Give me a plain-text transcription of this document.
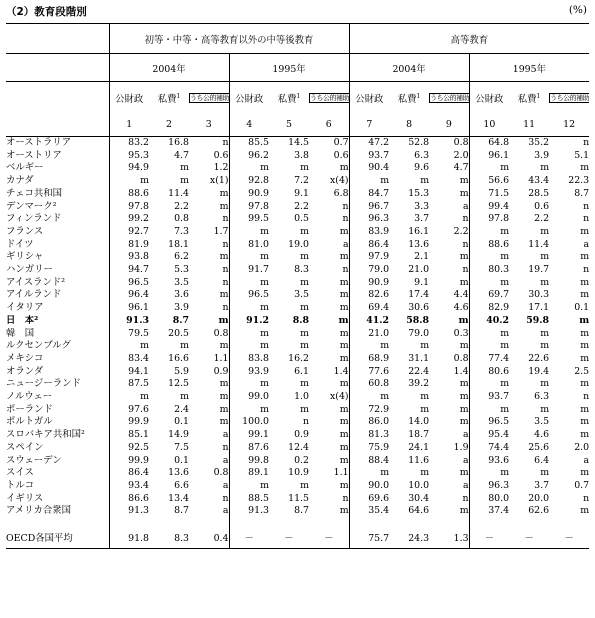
（2）教育段階別	(%)
	初等・中等・高等教育以外の中等後教育						高等教育					
	2004年			1995年			2004年			1995年		
	公財政	私費$^1$	うち公的補助	公財政	私費$^1$	うち公的補助	公財政	私費$^1$	うち公的補助	公財政	私費$^1$	うち公的補助
	1	2	3	4	5	6	7	8	9	10	11	12
オーストラリア	83.2	16.8	n	85.5	14.5	0.7	47.2	52.8	0.8	64.8	35.2	n
オーストリア	95.3	4.7	0.6	96.2	3.8	0.6	93.7	6.3	2.0	96.1	3.9	5.1
ベルギー	94.9	m	1.2	m	m	m	90.4	9.6	4.7	m	m	m
カナダ	m	m	x(1)	92.8	7.2	x(4)	m	m	m	56.6	43.4	22.3
チェコ共和国	88.6	11.4	m	90.9	9.1	6.8	84.7	15.3	m	71.5	28.5	8.7
デンマーク²	97.8	2.2	m	97.8	2.2	n	96.7	3.3	a	99.4	0.6	n
フィンランド	99.2	0.8	n	99.5	0.5	n	96.3	3.7	n	97.8	2.2	n
フランス	92.7	7.3	1.7	m	m	m	83.9	16.1	2.2	m	m	m
ドイツ	81.9	18.1	n	81.0	19.0	a	86.4	13.6	n	88.6	11.4	a
ギリシャ	93.8	6.2	m	m	m	m	97.9	2.1	m	m	m	m
ハンガリー	94.7	5.3	n	91.7	8.3	n	79.0	21.0	n	80.3	19.7	n
アイスランド²	96.5	3.5	n	m	m	m	90.9	9.1	m	m	m	m
アイルランド	96.4	3.6	m	96.5	3.5	m	82.6	17.4	4.4	69.7	30.3	m
イタリア	96.1	3.9	n	m	m	m	69.4	30.6	4.6	82.9	17.1	0.1
日　本²	91.3	8.7	m	91.2	8.8	m	41.2	58.8	m	40.2	59.8	m
韓　国	79.5	20.5	0.8	m	m	m	21.0	79.0	0.3	m	m	m
ルクセンブルグ	m	m	m	m	m	m	m	m	m	m	m	m
メキシコ	83.4	16.6	1.1	83.8	16.2	m	68.9	31.1	0.8	77.4	22.6	m
オランダ	94.1	5.9	0.9	93.9	6.1	1.4	77.6	22.4	1.4	80.6	19.4	2.5
ニュージーランド	87.5	12.5	m	m	m	m	60.8	39.2	m	m	m	m
ノルウェー	m	m	m	99.0	1.0	x(4)	m	m	m	93.7	6.3	n
ポーランド	97.6	2.4	m	m	m	m	72.9	m	m	m	m	m
ポルトガル	99.9	0.1	m	100.0	n	m	86.0	14.0	m	96.5	3.5	m
スロバキア共和国²	85.1	14.9	a	99.1	0.9	m	81.3	18.7	a	95.4	4.6	m
スペイン	92.5	7.5	n	87.6	12.4	m	75.9	24.1	1.9	74.4	25.6	2.0
スウェーデン	99.9	0.1	a	99.8	0.2	m	88.4	11.6	a	93.6	6.4	a
スイス	86.4	13.6	0.8	89.1	10.9	1.1	m	m	m	m	m	m
トルコ	93.4	6.6	a	m	m	m	90.0	10.0	a	96.3	3.7	0.7
イギリス	86.6	13.4	n	88.5	11.5	n	69.6	30.4	n	80.0	20.0	n
アメリカ合衆国	91.3	8.7	a	91.3	8.7	m	35.4	64.6	m	37.4	62.6	m

OECD各国平均	91.8	8.3	0.4	－	－	－	75.7	24.3	1.3	－	－	－
